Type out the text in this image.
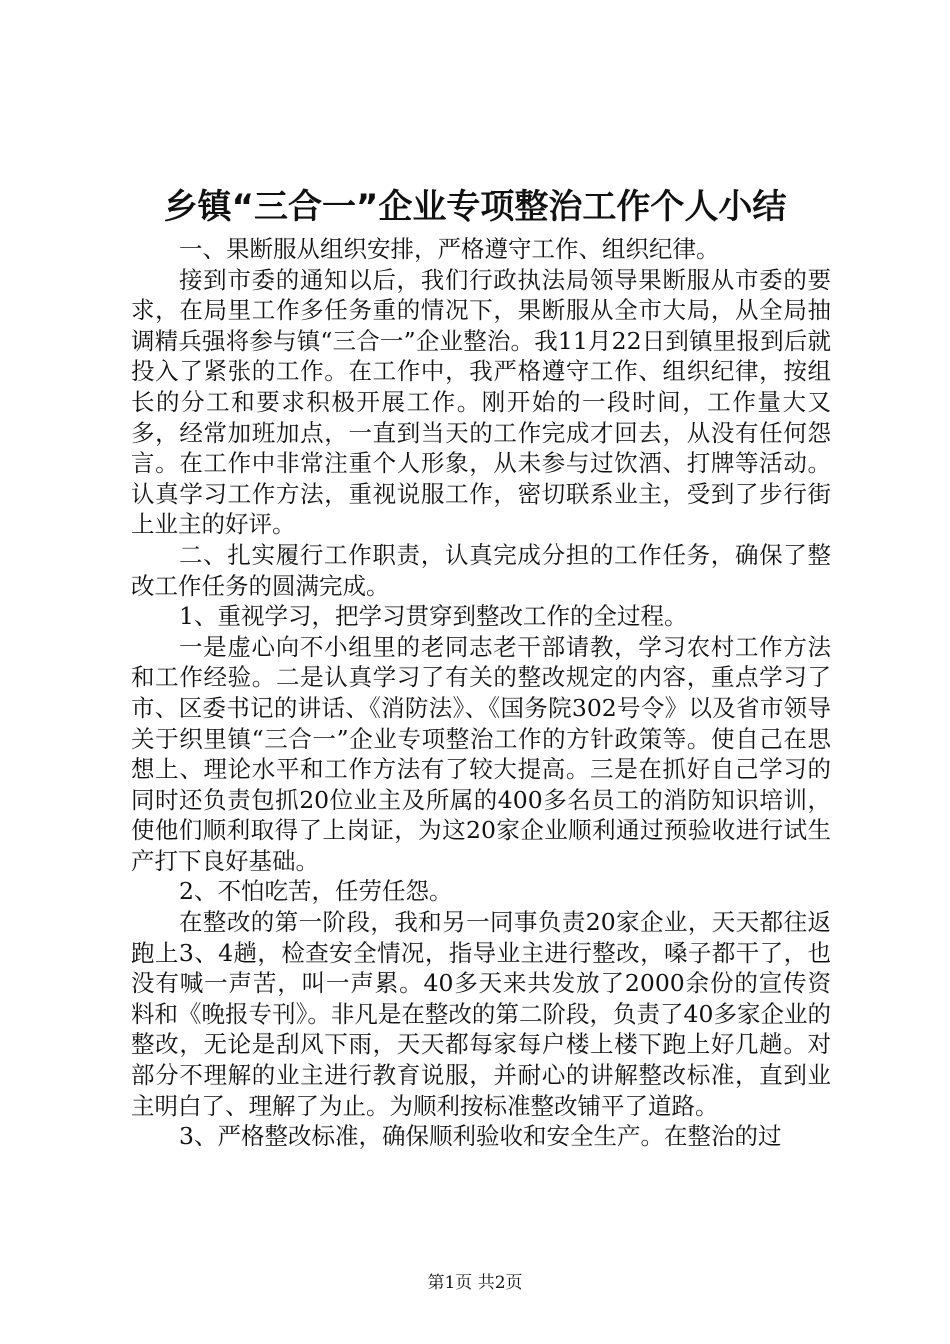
乡镇“三合一”企业专项整治工作个人小结

一、果断服从组织安排，严格遵守工作、组织纪律。

接到市委的通知以后，我们行政执法局领导果断服从市委的要求，在局里工作多任务重的情况下，果断服从全市大局，从全局抽调精兵强将参与镇“三合一”企业整治。我11月22日到镇里报到后就投入了紧张的工作。在工作中，我严格遵守工作、组织纪律，按组长的分工和要求积极开展工作。刚开始的一段时间，工作量大又多，经常加班加点，一直到当天的工作完成才回去，从没有任何怨言。在工作中非常注重个人形象，从未参与过饮酒、打牌等活动。认真学习工作方法，重视说服工作，密切联系业主，受到了步行街上业主的好评。

二、扎实履行工作职责，认真完成分担的工作任务，确保了整改工作任务的圆满完成。

1、重视学习，把学习贯穿到整改工作的全过程。

一是虚心向不小组里的老同志老干部请教，学习农村工作方法和工作经验。二是认真学习了有关的整改规定的内容，重点学习了市、区委书记的讲话、《消防法》、《国务院302号令》以及省市领导关于织里镇“三合一”企业专项整治工作的方针政策等。使自己在思想上、理论水平和工作方法有了较大提高。三是在抓好自己学习的同时还负责包抓20位业主及所属的400多名员工的消防知识培训，使他们顺利取得了上岗证，为这20家企业顺利通过预验收进行试生产打下良好基础。

2、不怕吃苦，任劳任怨。

在整改的第一阶段，我和另一同事负责20家企业，天天都往返跑上3、4趟，检查安全情况，指导业主进行整改，嗓子都干了，也没有喊一声苦，叫一声累。40多天来共发放了2000余份的宣传资料和《晚报专刊》。非凡是在整改的第二阶段，负责了40多家企业的整改，无论是刮风下雨，天天都每家每户楼上楼下跑上好几趟。对部分不理解的业主进行教育说服，并耐心的讲解整改标准，直到业主明白了、理解了为止。为顺利按标准整改铺平了道路。

3、严格整改标准，确保顺利验收和安全生产。在整治的过

第1页 共2页
